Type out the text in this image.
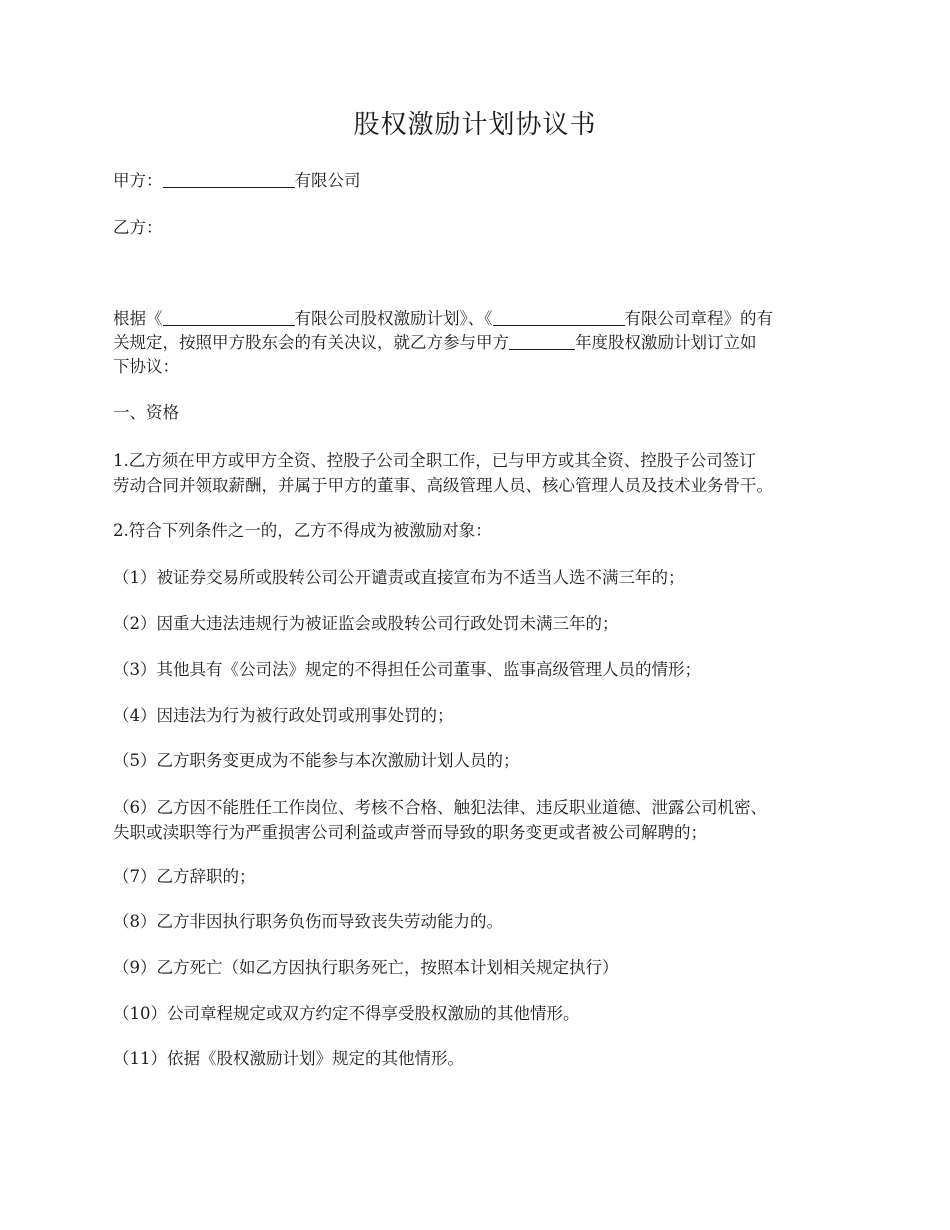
股权激励计划协议书
甲方：	有限公司
乙方：
根据《	有限公司股权激励计划》、《	有限公司章程》的有
关规定，按照甲方股东会的有关决议，就乙方参与甲方	年度股权激励计划订立如
下协议：
一、资格
1.乙方须在甲方或甲方全资、控股子公司全职工作，已与甲方或其全资、控股子公司签订
劳动合同并领取薪酬，并属于甲方的董事、高级管理人员、核心管理人员及技术业务骨干。
2.符合下列条件之一的，乙方不得成为被激励对象：
（1）被证券交易所或股转公司公开谴责或直接宣布为不适当人选不满三年的；
（2）因重大违法违规行为被证监会或股转公司行政处罚未满三年的；
（3）其他具有《公司法》规定的不得担任公司董事、监事高级管理人员的情形；
（4）因违法为行为被行政处罚或刑事处罚的；
（5）乙方职务变更成为不能参与本次激励计划人员的；
（6）乙方因不能胜任工作岗位、考核不合格、触犯法律、违反职业道德、泄露公司机密、
失职或渎职等行为严重损害公司利益或声誉而导致的职务变更或者被公司解聘的；
（7）乙方辞职的；
（8）乙方非因执行职务负伤而导致丧失劳动能力的。
（9）乙方死亡（如乙方因执行职务死亡，按照本计划相关规定执行）
（10）公司章程规定或双方约定不得享受股权激励的其他情形。
（11）依据《股权激励计划》规定的其他情形。
